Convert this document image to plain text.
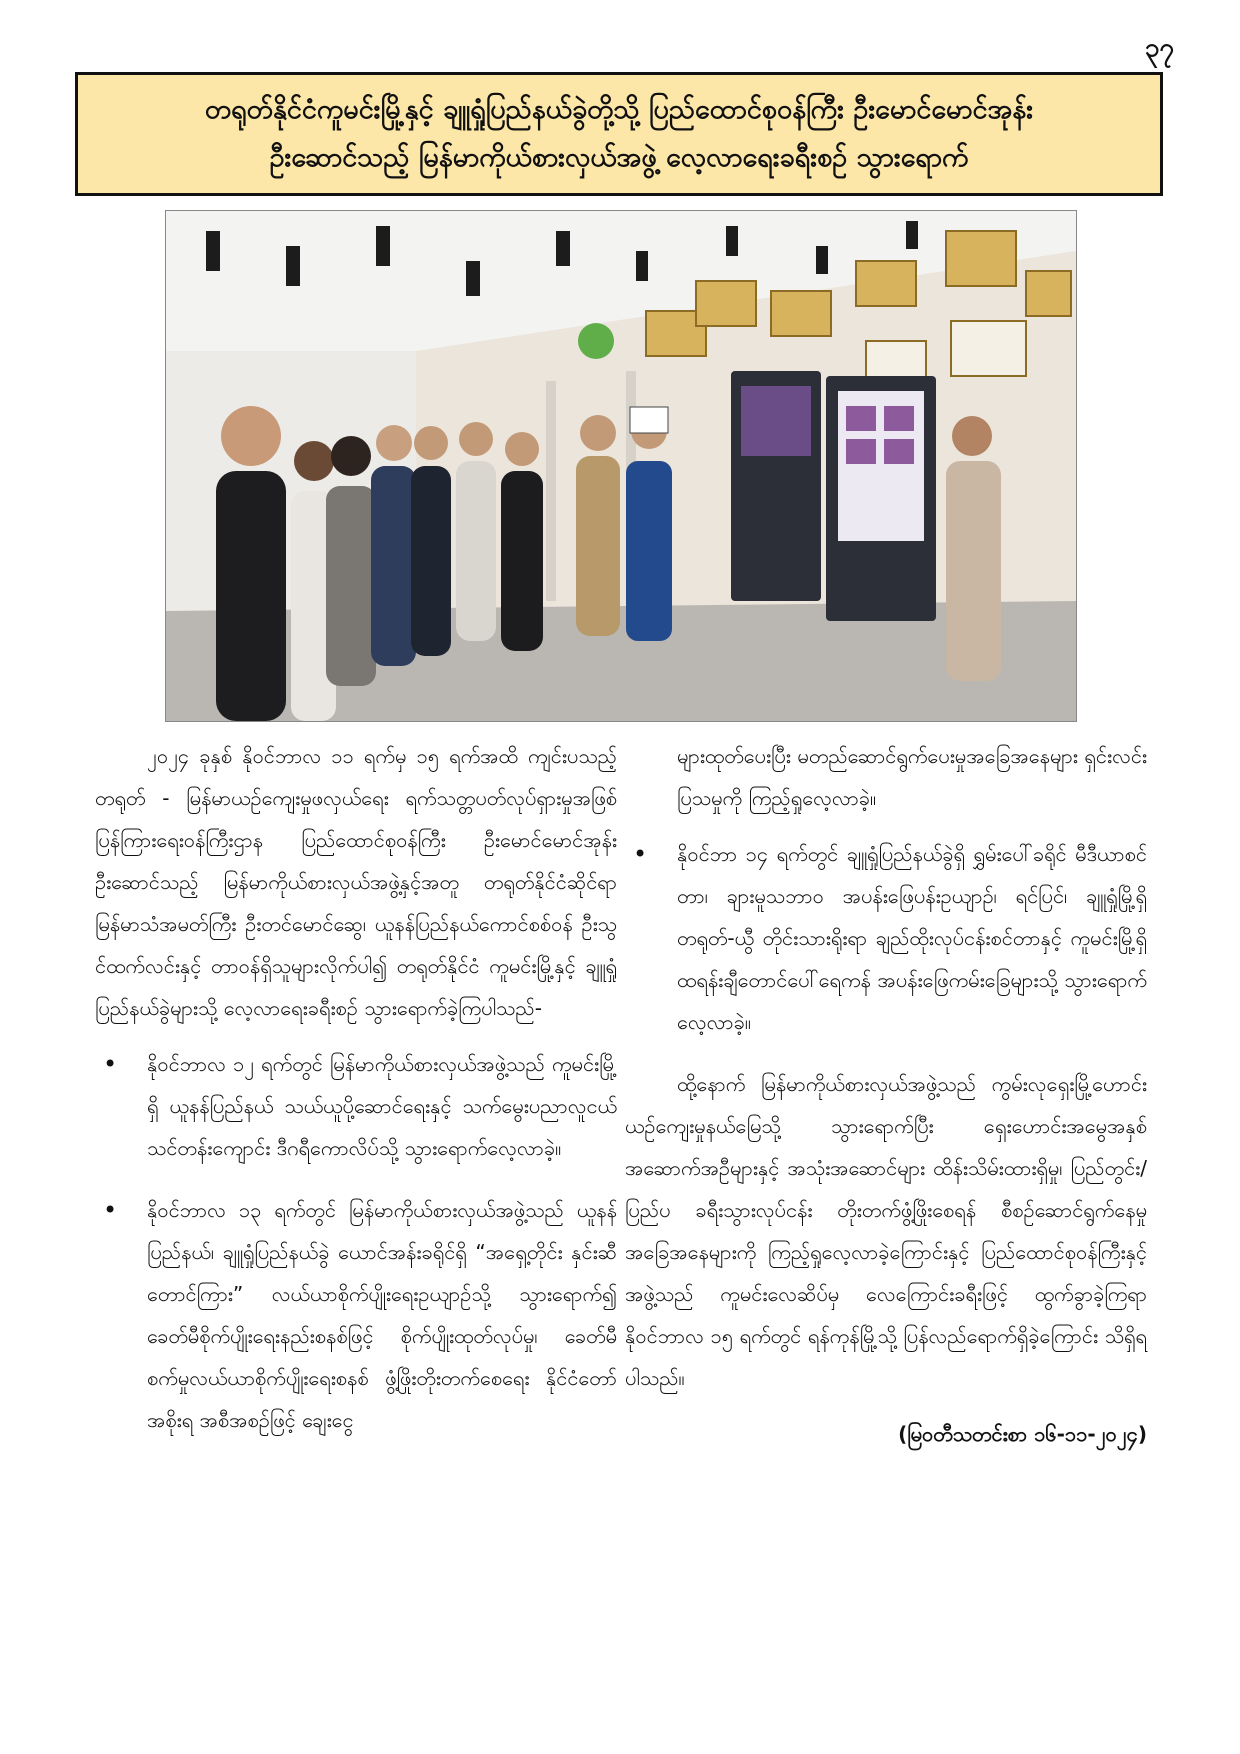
၃၇
တရုတ်နိုင်ငံကူမင်းမြို့နှင့် ချူရှုံပြည်နယ်ခွဲတို့သို့ ပြည်ထောင်စုဝန်ကြီး ဦးမောင်မောင်အုန်း
ဦးဆောင်သည့် မြန်မာကိုယ်စားလှယ်အဖွဲ့ လေ့လာရေးခရီးစဉ် သွားရောက်

၂၀၂၄ ခုနှစ် နိုဝင်ဘာလ ၁၁ ရက်မှ ၁၅ ရက်အထိ ကျင်းပသည့် တရုတ် - မြန်မာယဉ်ကျေးမှုဖလှယ်ရေး ရက်သတ္တပတ်လုပ်ရှားမှုအဖြစ် ပြန်ကြားရေးဝန်ကြီးဌာန ပြည်ထောင်စုဝန်ကြီး ဦးမောင်မောင်အုန်း ဦးဆောင်သည့် မြန်မာကိုယ်စားလှယ်အဖွဲ့နှင့်အတူ တရုတ်နိုင်ငံဆိုင်ရာ မြန်မာသံအမတ်ကြီး ဦးတင်မောင်ဆွေ၊ ယူနန်ပြည်နယ်ကောင်စစ်ဝန် ဦးသွင်ထက်လင်းနှင့် တာဝန်ရှိသူများလိုက်ပါ၍ တရုတ်နိုင်ငံ ကူမင်းမြို့နှင့် ချူရှုံပြည်နယ်ခွဲများသို့ လေ့လာရေးခရီးစဉ် သွားရောက်ခဲ့ကြပါသည်-

• နိုဝင်ဘာလ ၁၂ ရက်တွင် မြန်မာကိုယ်စားလှယ်အဖွဲ့သည် ကူမင်းမြို့ရှိ ယူနန်ပြည်နယ် သယ်ယူပို့ဆောင်ရေးနှင့် သက်မွေးပညာလူငယ်သင်တန်းကျောင်း ဒီဂရီကောလိပ်သို့ သွားရောက်လေ့လာခဲ့။

• နိုဝင်ဘာလ ၁၃ ရက်တွင် မြန်မာကိုယ်စားလှယ်အဖွဲ့သည် ယူနန်ပြည်နယ်၊ ချူရှုံပြည်နယ်ခွဲ ယောင်အန်းခရိုင်ရှိ “အရှေ့တိုင်း နှင်းဆီတောင်ကြား” လယ်ယာစိုက်ပျိုးရေးဥယျာဉ်သို့ သွားရောက်၍ ခေတ်မီစိုက်ပျိုးရေးနည်းစနစ်ဖြင့် စိုက်ပျိုးထုတ်လုပ်မှု၊ ခေတ်မီစက်မှုလယ်ယာစိုက်ပျိုးရေးစနစ် ဖွံ့ဖြိုးတိုးတက်စေရေး နိုင်ငံတော်အစိုးရ အစီအစဉ်ဖြင့် ချေးငွေ

များထုတ်ပေးပြီး မတည်ဆောင်ရွက်ပေးမှုအခြေအနေများ ရှင်းလင်းပြသမှုကို ကြည့်ရှုလေ့လာခဲ့။

• နိုဝင်ဘာ ၁၄ ရက်တွင် ချူရှုံပြည်နယ်ခွဲရှိ ရွှမ်းပေါ်ခရိုင် မီဒီယာစင်တာ၊ ချားမူသဘာဝ အပန်းဖြေပန်းဥယျာဉ်၊ ရင်ပြင်၊ ချူရှုံမြို့ရှိ တရုတ်-ယွီ တိုင်းသားရိုးရာ ချည်ထိုးလုပ်ငန်းစင်တာနှင့် ကူမင်းမြို့ရှိ ထရန်းချီတောင်ပေါ်ရေကန် အပန်းဖြေကမ်းခြေများသို့ သွားရောက်လေ့လာခဲ့။

ထို့နောက် မြန်မာကိုယ်စားလှယ်အဖွဲ့သည် ကွမ်းလုရှေးမြို့ဟောင်း ယဉ်ကျေးမှုနယ်မြေသို့ သွားရောက်ပြီး ရှေးဟောင်းအမွေအနှစ် အဆောက်အဦများနှင့် အသုံးအဆောင်များ ထိန်းသိမ်းထားရှိမှု၊ ပြည်တွင်း/ပြည်ပ ခရီးသွားလုပ်ငန်း တိုးတက်ဖွံ့ဖြိုးစေရန် စီစဉ်ဆောင်ရွက်နေမှု အခြေအနေများကို ကြည့်ရှုလေ့လာခဲ့ကြောင်းနှင့် ပြည်ထောင်စုဝန်ကြီးနှင့်အဖွဲ့သည် ကူမင်းလေဆိပ်မှ လေကြောင်းခရီးဖြင့် ထွက်ခွာခဲ့ကြရာ နိုဝင်ဘာလ ၁၅ ရက်တွင် ရန်ကုန်မြို့သို့ ပြန်လည်ရောက်ရှိခဲ့ကြောင်း သိရှိရပါသည်။

(မြဝတီသတင်းစာ ၁၆-၁၁-၂၀၂၄)
